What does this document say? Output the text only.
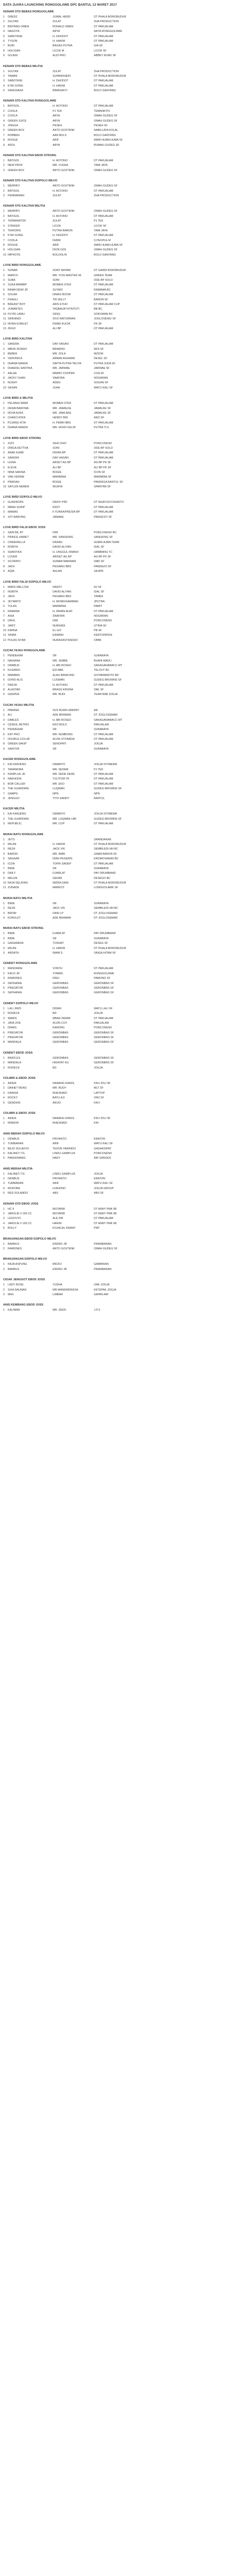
DATA JUARA LAUNCHING RONGGOLAWE DPC BANTUL 12 MARET 2017
KENARI STD BEBAS RONGGOLAWE
1	GREDZ	JUWAL HERD	DT PHALA BOROBUDUR
2	SULTAN	ZULAT	ZHA PRODUCTION
3	BINTANG OMEN	RONALD OMEN	DT PAKUALAM
4	NAGOYA	ARYA	ARYA RONGGOLAWE
5	SABOTASE	H. DHODOT	DT PAKUALAM
6	TYSON	H. HAKIM	DT PAKUALAM
7	BURI	BAGAS PUTRA	GIA SF
8	HOLIGAN	LICOK M	LICOK SF
9	GOJEKI	ALDI PRO	ABBEY ROAD SF
KENARI STD BEBAS MILITIA
1	SULTAN	ZULAT	ZHA PRODUCTION
2	TAMAN	SUPANDHERI	DT PHALA BOROBUDUR
3	SABOTASE	H. DHODOT	DT PAKUALAM
4	KYAI GONG	H. HAKIM	DT PAKUALAM
5	SANGSAKA	BIMASAKTI	BOLO GANTANG
KENARI STD KALITAN RONGGOLAWE
1	BATIGOL	H. ASTONO	DT PAKUALAM
2	COOLA	PJ TEK	TEMANKITO
3	COOLA	ARYA	OMAH GUDEG SF
4	GREEN JUICE	ARYA	OMAH GUDEG SF
5	JINGGA	PESEH	PESEH SF
6	GREEN BOX	ANTO GOXTENK	NABILLAYA KOLAL
7	ROBBEN	AAN BOLS	BOLO GANTANG
8	ROGUE	ARIF	AMIR HUMA HUMA SF
9	ADOL	ARYA	RUMAH GUDEG SF
KENARI STD KALITAN EBOD STRONG
1	BATIGOL	H. ASTONO	DT PAKUALAM
2	NEW PROF	MR. YUDHA	TAMI JAYA
3	GREEN BOX	ANTO GOXTENK	OMAH GUDEG SF
KENARI STD KALITAN DZIPOLO MILVO
1	MERPATI	ANTO GOXTENK	OMAH GUDEG SF
2	BATIGOL	H. ASTONO	DT PAKUALAM
3	PERMAINAN	ZULAT	ZHA PRODUCTION
KENARI STD KALITAN MILITIA
1	MERPATI	ANTO GOXTENK	OMAH GUDEG SF
2	BATIGOL	H. ASTONO	DT PAKUALAM
3	TERMINATOR	ZULAT	PJ TEK
4	STRIKER	LICOK	LICOK SF
5	TERIORIS	PUTRA BARON	TAMI JAYA
6	KYAI GONG	H. DHODOT	DT PAKUALAM
7	COOLA	FEBRI	S PEOPLE M
8	ROGUE	ARIF	AMIR HUMA HUMA SF
9	HOLIGAN	DION OZIL	OMAH GUDEG SF
10 IMPHOTE	BOLOOLIN	BOLO GANTANG
LOVE BIRD RONGGOLAWE
1	SONAR	SONY BAYAM	DT GANDI BOROBUDUR
2	MARCO	MR. YOSI MASTER 46	GREEN TEAM
3	SUBA	SONI	ODE BP SOLO
4	SUKA MAMBIP	MOMEN STEK	DT PAKUALAM
5	RAMA DEWI JR	SUYADI	RAMAWA BC
6	SOLAR	DIMAS BOOM	DT PAKUALAM
7	PHAGLI	TRI WILLY	BARON SF
8	BREAST BOY	ARIS ETHO	DT PAKUALAM CUP
9	JUMANTEX	TAQBAUR NTINTOTI	BB BC
10 PUTRI LAWU	SIDIQ	SOKOMAN BC
11 SRIKANDI	SIVO BATURMAN	JOGLOSEWU SF
12 INTAN KOMLET	PEBRI KUCIR	PK SF
13 ZEGO	ALI BP	DT PAKUALAM
LOVE BIRD KALITAN
1	SAKERA	DAF HASAN	DT PAKUALAM
2	MBOK RONDO	BRAWNO	WIJI SF
3	BEBER	MR. ZOLA	MZIOM
4	VERONICA	ARBAN AGHMAD	DESEL SF
5	DHANA NANDA	SAPTA PUTRA TALIYA	PUTRA JUDA SF
6	DHAENG SANTIKA	MR. JARWAE	JARWAE SF
7	AALAA	MAWKI COOPER	COA SF
8	JACKY CHAN	SNAFIRA	NOGARAN
9	RUSHY	ADEN	SOGAN SF
10 SASAN	JUHA	WATU KALI SF
LOVE BIRD & MILITIA
1	PELANGI MAWI	MOMEN STEK	DT PAKUALAM
2	DEWA BAROMA	MR. JAWALKE	JAWALKE SF
3	NOVA AZKA	MR. JAWLAKE	JAWALKE SF
4	CHAKO ATEN	HENDY BIN	ANO SF
5	PUJANG KITA	H. PEBRI BBS	DT PAKUALAM
6	DHANA NANDA	MR. HOHO KELIR	PUTRA TLS
LOVE BIRD EBOD STRONG
1	ZIZO	SIHO DHO	PONCOSENO
2	DIRGA DETTHA	SONI	ODE BP SOLO
3	ANAK AJAIB	DIDAN BP	DT PAKUALAM
4	SAKERA	DAF HASAN	DT PAKUALAM
5	LEINA	ARSET AG BP	AG BP PK SF
6	ELEVE	ALI BP	ALI BP PK SF
7	NINA SAKINA	BOGIE	ICON SF
8	VAN VERINE	MAMMINA	MAMMINA SF
9	PRADAH	BOGIE	PANDEGA BANTUL SF
10 SATLEN NEMEN	WIJAYA	SPARTAN SF
LOVE BIRD DZIPOLO MILVO
1	GUADROPE	DIENY PRF	DT NGAYOGYOKARTO
2	MBAH SURIP	EKDY	DT PAKUALAM
3	MAMAS	F.YUNKA/PRESIN BP	DT PAKUALAM
4	SITI BARONG	JAWAKE	PANGESTI SF
LOVE BIRD FALSI EBOD JOSS
1	SAIN BIL BT	DWI	PONCOSENO BC
2	PRINCE HAMET	MR. SANGKING	SANGKING SF
3	CINDERELLA	DADAN	HUMA HUMA TEAM
4	ROBITA	DAVID ALIYAN	IDAL SF
5	SHANTIKA	H. UNGGUL RIMAHI	HAMBANG TC
6	LOVER	ARISET AG BP	AG BP PK SF
7	SCORPIO	SUMAR MARWAN	SMD SF
8	JACK	PEGAWU BBS	PANDEZO SF
9	AQIA	AHLAN	SAJIPA
LOVE BIRD FALSI DZIPOLO MILVO
1	MARS MELLOW	NADIYI	NJ SF
2	NOBITA	DAVID ALIYAN	IDAL SF
3	JACK	PEGAWU BBS	TAMEK
4	JETMATIC	H. MOMO/HAMMAN	JPUTRA
5	TULAS	MAMMINA	PAMIT
6	RAMANA	H. IRMAN ALWI	DT PAKUALAM
7	AISA	SNAFIRA	NOGARAN
8	DAVIL	DWI	PONCOSENO
9	JARIT	NURHADI	GTINA SF
10 KARNA	EL-GO	PB SF
11 SINAR	ERMANI	KERTOPATEN
12 PULAS SITAR	NURASASTRADHO	CBBK
CUCAK HIJAU RONGGOLAWE
1	PENDEKAR	SR	SURABAYA
2	NAHIANA	MR. JEMBE	BUANI MADU
3	DANBUS	H. ABI ROSEO	SAKAGANAWACC MT
4	KUSANIO	EDI ABE	TELOUT BC
5	MAMBAS	ALAH BANKUNG	GOYAMAMOTO BD
6	DONO ALIS	LUGMAN	GUDEG BROWNS SF
7	RADJA	H. ASTONO	DT PAKUALAM
8	ALASTAR	BRASS KRISNA	SML SF
9	GASPER	MR. BUDI	TEAM BAB JOGJA
CUCAK HIJAU MILITIA
1	PARANG	SUS BUAN HANDRY	AN
2	ALI	ADE BRAMAN	DT JOGLOSEMAR
3	DABLES	H. ABI ROSEO	SAKAGANAWACC MT
4	CENGIL RETRIS	EKO BOLO	PAKUALAM
5	PENDEKAR	SR	SURABAYA
6	KAT PRO	MR. KEMBONG	DT PAKUALAM
7	DOUBLE COLUR	ALVIN STONADA	DT PAKUALAM
8	GREEN SAKIP	SENOPATI	JOGJA
9	SANTOR	SR	SURABAYA
KACER RONGGOLAWE
1	KAI KANJENG	ISMANTO	JOGJA ISTIMEWA
2	TAMANORA	MR. SEDEM	PJ TEK
3	KEMPLUK JR	MR. DEDE DEDE	DT PAKUALAM
4	NAKHODA	YULITOM YK	DT PAKUALAM
5	BOB CALLER	MR. EKO	DT PAKUALAM
6	THE GUARDIAN	LUQMAN	GUDEG BROWNS SF
7	GAMPIL	NPN	NPN
8	JENGGO	TITO HANDY	BANTUL
KACER MILITIA
1	KAI KANJENG	ISMANTO	JOGJA ISTIMEWA
2	THE GUARDIAN	MR. LUQMAN UMI	GUDEG BROWNS SF
3	REPUBLIC	MR. COP	DT PAKUALAM
MURAI BATU RONGGOLAWE
1	JETO	SRANDAKAN
2	MILAN	H. HAKIM	DT PHALA BOROBUDUR
3	REZA	JACK VIK	SEMBILEDI HN BC
4	BARON	MR. AMBI	GAMA BARON SF
5	SAGAAR	DIAN PEGERIS	KROMOSANAN BC
6	ICON	TOPIK DADEP	DT PAKUALAM
7	BIMA	SR	SURABAYA
8	DAILY	DJAWLAT	PAY DRUMBAND
9	MELEN	SEKAR	DESEGO BC
10 RAJA SELATAN	INDRA DANI	DT PHALA BOROBUDUR
11 ZUNADE	MARKOT	LONGGOLAWE SF
MURAI BATU MILITIA
1	BIMA	SR	SURABAYA
2	REZA	JACK VIK	SEMBILEDI HN BC
3	BROW	DANI LP	DT JOGLOSEMAR
4	KONVLET	ADE BRAMAN	DT JOGLOSEMAR
MURAI BATU EBOD STRONG
1	BIMA	DJAWLAT	PAY DRUMBAND
2	BIMA	SR	SURABAYA
3	GAGANERA	YOSHAT	DESEG SF
4	MILAN	H. HAKIM	DT PHALA BOROBUDUR
5	ARDATH	IMAM S	SINGA HITAM SF
CENDET RONGGOLAWE
1	MANOARIE	VONTH	DT PAKUALAM
2	KALVI JR	YOMAN	RONGGOLAWE
3	RAMONES	IDEH	PAMONG SF
4	SEPHANIA	GERONBAS	GERONBAS SF
5	PREDATOR	GERONBAS	GERONBAS SF
6	SEPHANIA	GERONBAS	GERONBAS SF
CENDET DZIPOLO MILVO
1	LALI JIWO	DIDAN	WATU LALI SF
2	RODECK	BD	JOGJA
3	WARIS	MBAH INDAM	DT PAKUALAM
4	JAVA JIVE	ALVIN COY	PAKUALAM
5	DIMAS	KANONG	PONCOSENO
6	PREDATOR	GERONBAS	GERONBAS SF
7	PREDATOR	GERONBAS	GERONBAS SF
8	MANDALA	GERONBAS	GERONBAS SF
CENDET EBOD JOSS
1	BRATLES	GERONBAS	GERONBAS SF
2	MANDALA	HIDAYAT KG	GERONBAS SF
3	RODECK	BD	JOGJA
COLIBRI & EBOD JOSS
1	AIDEN	NANANG KANOL	KNI-I RSJ SF
2	DAIHET RENG	MR. RUDY	MLT SF
3	DANISA	RHESNADI	LAPTOP
4	ROCKY	BAYU AJI	OMJ SF
5	GENDHIS	ARIJO	KNI-I
COLIBRI & EBOD JOSS
1	AIDEN	NANANG KANOL	KNI-I RSJ SF
2	RINNOR	RHESNADI	KNI
ANIS MERAH DZIPOLO MILVO
1	DENBUS	PRIYANTO	KRATON
2	TUMBARAN	ARIF	WATU KALI SF
3	BEJO SOLAVOS	TESON YAWINDO	GAGAKSIPAT
4	KALINETI TG	LINDU GAMPLUK	PONCOSENO
5	PANGKMANG	NADY	AIR SANGKA
ANIS MERAH MILITIA
1	KALINETI TG	LINDU GAMPLUK	JOGJA
2	DENBUS	PRIYANTO	KRATON
3	TUMBARAN	ARIF	WATU KALI SF
4	MODORE	H.BHONO	JOGJA GROUP
5	RED SOLANDO	ABS	ABS SF
KENARI STD EBOD JOSS
1	HC II	MUTARIB	DT ANNY PMK 88
2	JAROLIE II 156 CC	MUTARIB	DT ANNY PMK 88
3	LEGOVYC	ALE DM	DT PAKUALAM
4	JAROLIE II 156 CC	HAKIM	DT ANNY PMK 88
5	BOLLY	KOJACAL FAHMY	PMT
BRANJANGAN EBOD DZIPOLO MILVO
1	BARBUS	ENDRO JR	PRAMBANAN
2	RAMONES	ANTO GOXTENK	OMAH GUDEG SF
BRANJANGAN DZIPOLO MILVO
1	RAJA ASPUNG	MICKO	GAMBIRAN
2	BARBUS	ENDRO JR	PRAMBANAN
CIGAK JENGGOT EBOD JOSS
1	LADY ROSE	YUDHA	OAK JOGJA
2	SIXA DAUNAN	MR MANDARINSSA	KETEPAK JOGJA
3	MAX	LIMBAR	SAPAN AIR
ANIS KEMBANG EBOD JOSS
1	KALIMAR	MR. ZEEN	J.P.S
